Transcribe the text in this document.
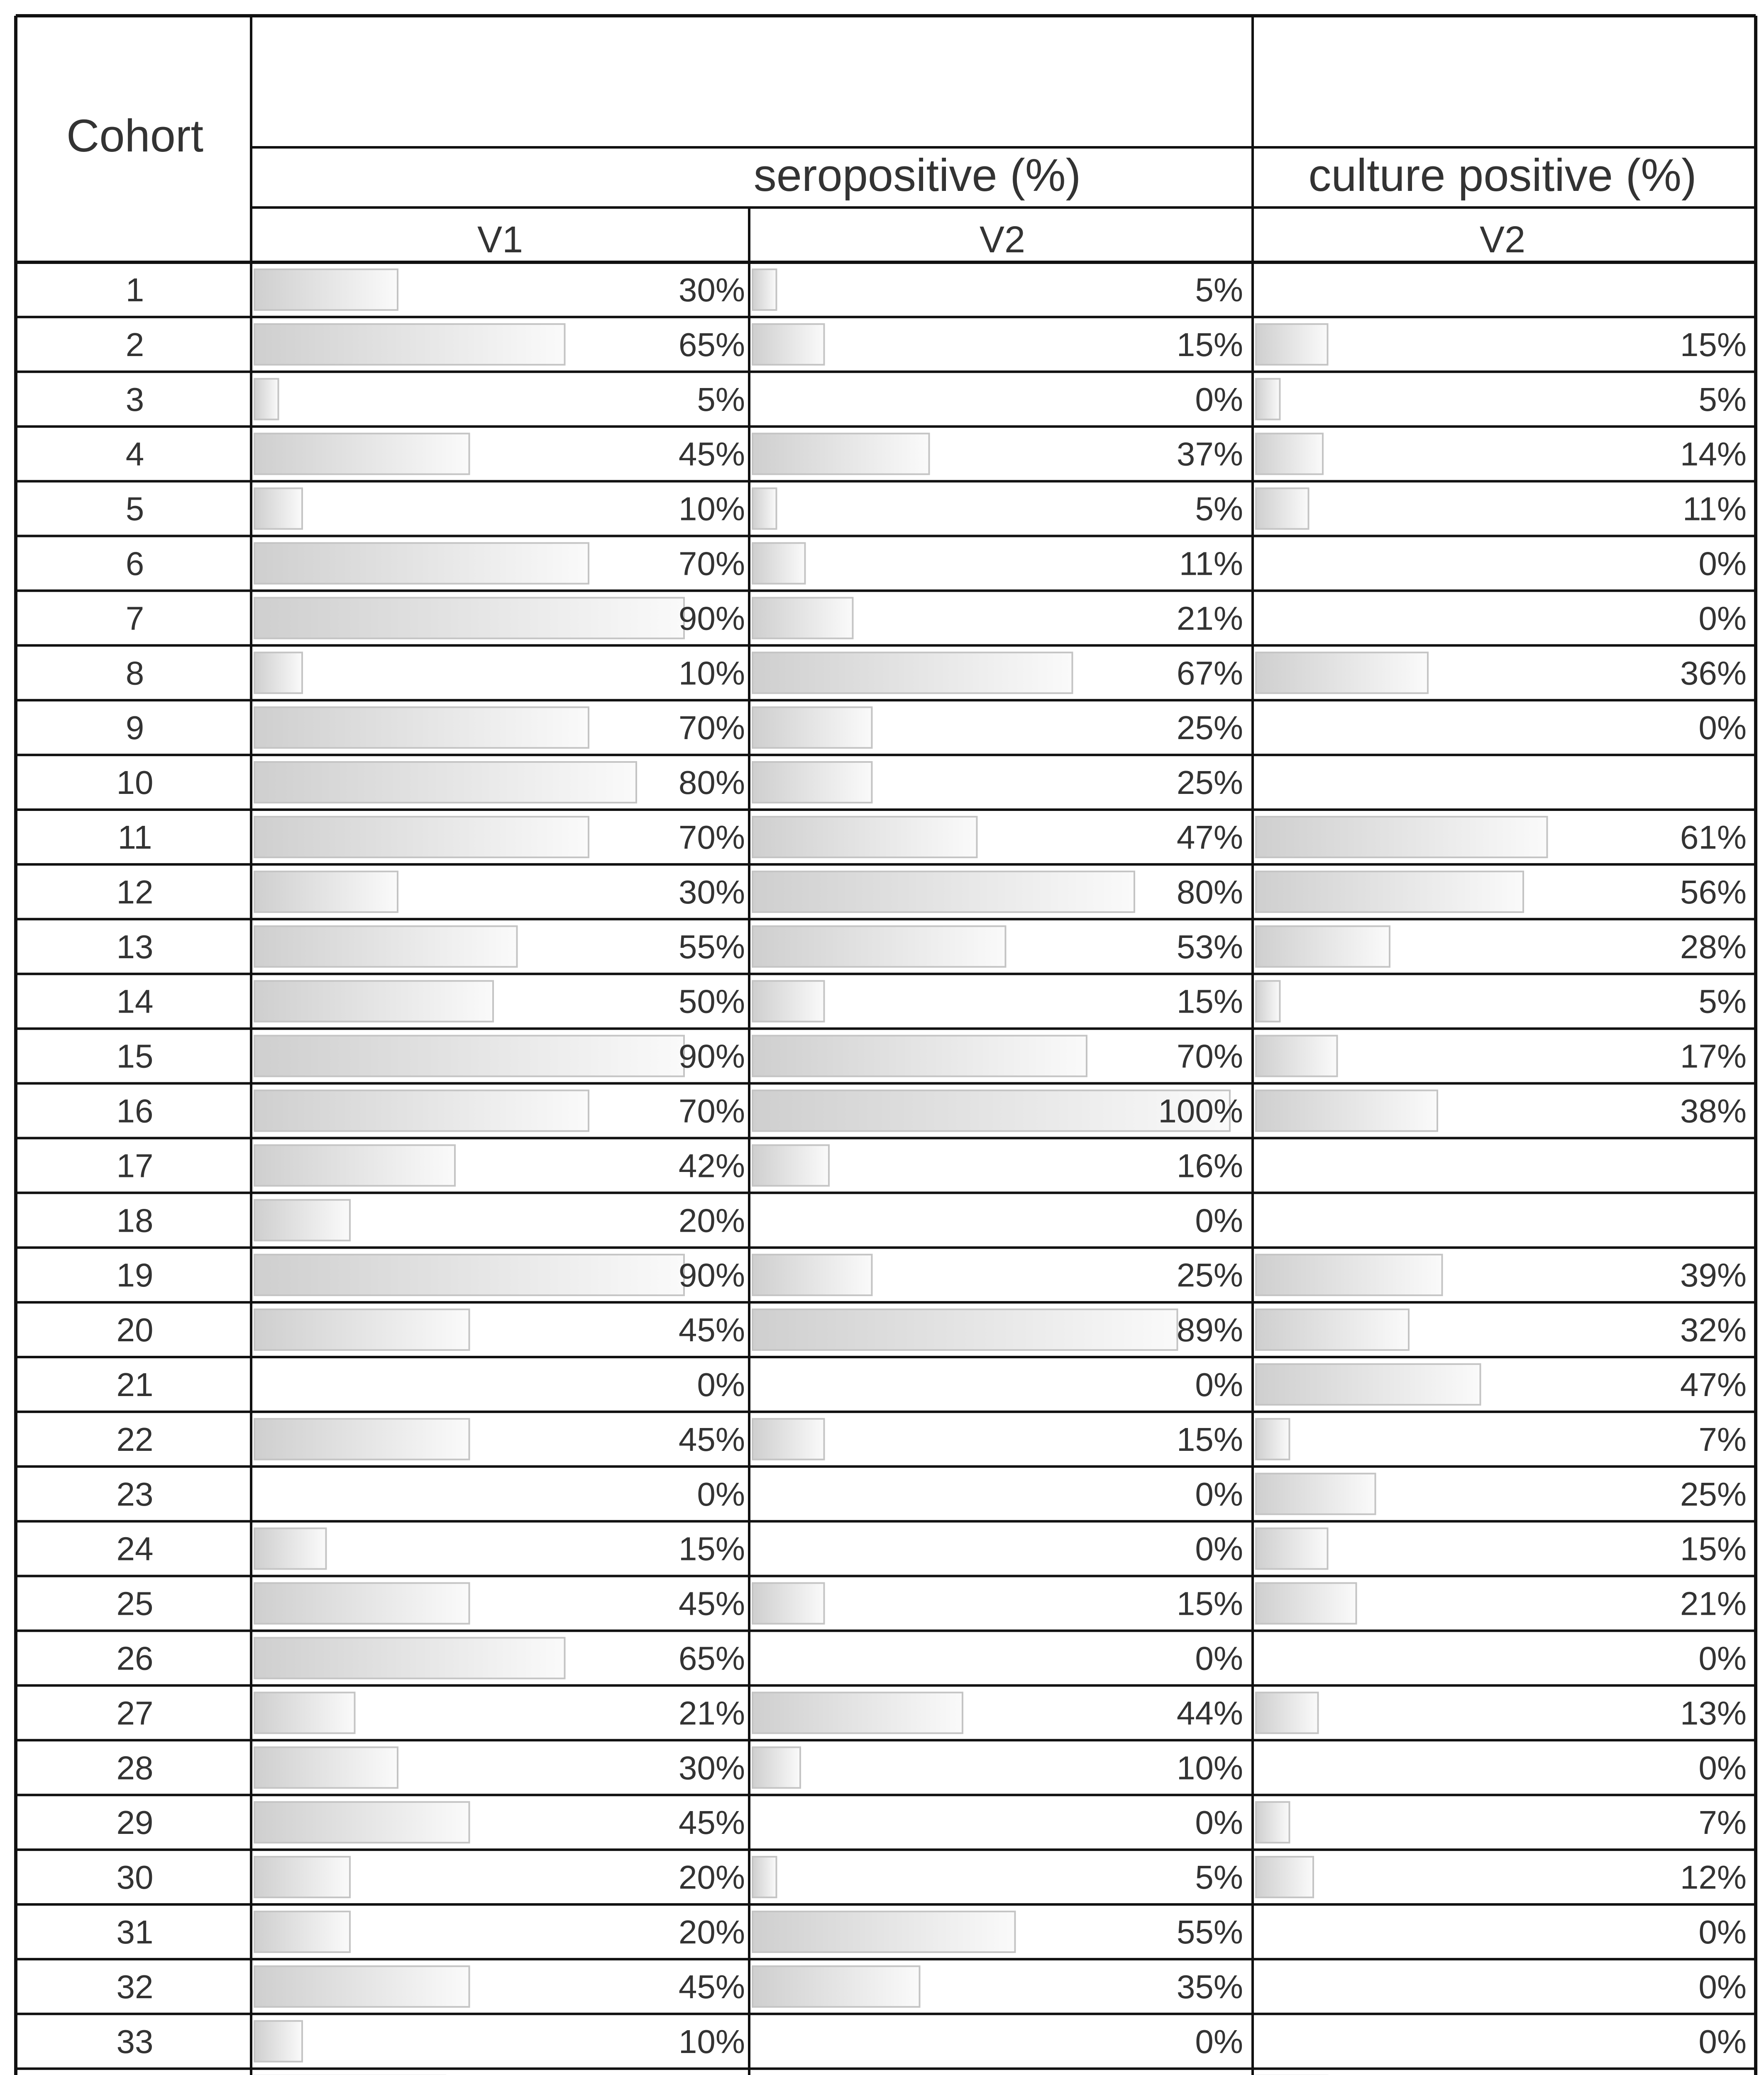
Cohort
seropositive (%)	culture positive (%)
V1	V2	V2
1	30%	5%
2	65%	15%	15%
3	5%	0%	5%
4	45%	37%	14%
5	10%	5%	11%
6	70%	11%	0%
7	90%	21%	0%
8	10%	67%	36%
9	70%	25%	0%
10	80%	25%
11	70%	47%	61%
12	30%	80%	56%
13	55%	53%	28%
14	50%	15%	5%
15	90%	70%	17%
16	70%	100%	38%
17	42%	16%
18	20%	0%
19	90%	25%	39%
20	45%	89%	32%
21	0%	0%	47%
22	45%	15%	7%
23	0%	0%	25%
24	15%	0%	15%
25	45%	15%	21%
26	65%	0%	0%
27	21%	44%	13%
28	30%	10%	0%
29	45%	0%	7%
30	20%	5%	12%
31	20%	55%	0%
32	45%	35%	0%
33	10%	0%	0%
